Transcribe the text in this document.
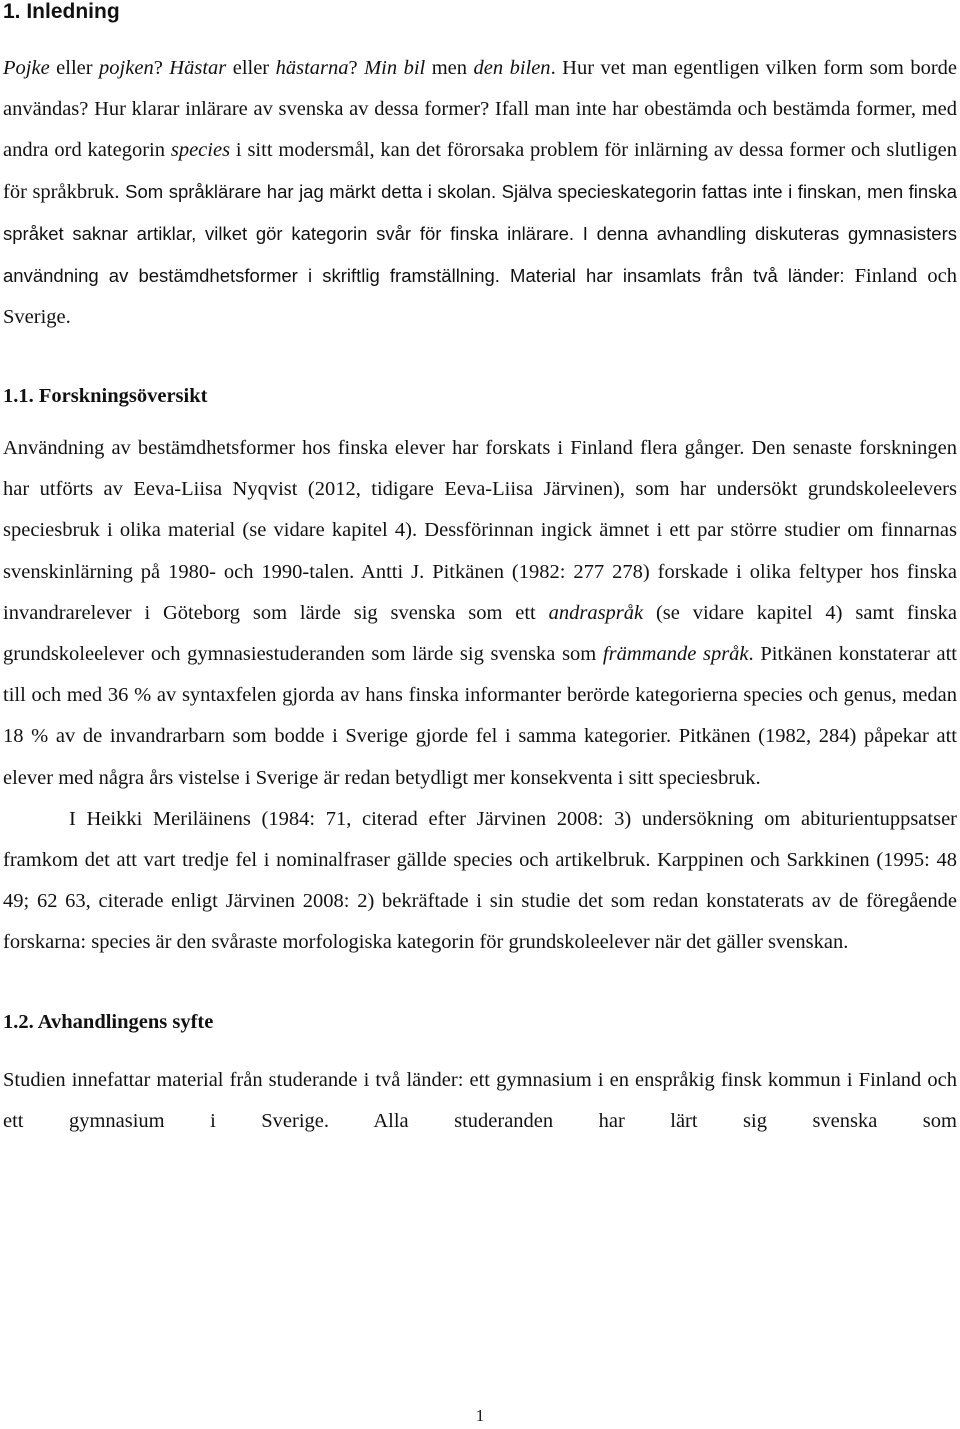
1. Inledning

Pojke eller pojken? Hästar eller hästarna? Min bil men den bilen. Hur vet man egentligen vilken form som borde användas? Hur klarar inlärare av svenska av dessa former? Ifall man inte har obestämda och bestämda former, med andra ord kategorin species i sitt modersmål, kan det förorsaka problem för inlärning av dessa former och slutligen för språkbruk. Som språklärare har jag märkt detta i skolan. Själva specieskategorin fattas inte i finskan, men finska språket saknar artiklar, vilket gör kategorin svår för finska inlärare. I denna avhandling diskuteras gymnasisters användning av bestämdhetsformer i skriftlig framställning. Material har insamlats från två länder: Finland och Sverige.

1.1. Forskningsöversikt

Användning av bestämdhetsformer hos finska elever har forskats i Finland flera gånger. Den senaste forskningen har utförts av Eeva-Liisa Nyqvist (2012, tidigare Eeva-Liisa Järvinen), som har undersökt grundskoleelevers speciesbruk i olika material (se vidare kapitel 4). Dessförinnan ingick ämnet i ett par större studier om finnarnas svenskinlärning på 1980- och 1990-talen. Antti J. Pitkänen (1982: 277 278) forskade i olika feltyper hos finska invandrarelever i Göteborg som lärde sig svenska som ett andraspråk (se vidare kapitel 4) samt finska grundskoleelever och gymnasiestuderanden som lärde sig svenska som främmande språk. Pitkänen konstaterar att till och med 36 % av syntaxfelen gjorda av hans finska informanter berörde kategorierna species och genus, medan 18 % av de invandrarbarn som bodde i Sverige gjorde fel i samma kategorier. Pitkänen (1982, 284) påpekar att elever med några års vistelse i Sverige är redan betydligt mer konsekventa i sitt speciesbruk.

I Heikki Meriläinens (1984: 71, citerad efter Järvinen 2008: 3) undersökning om abiturientuppsatser framkom det att vart tredje fel i nominalfraser gällde species och artikelbruk. Karppinen och Sarkkinen (1995: 48 49; 62 63, citerade enligt Järvinen 2008: 2) bekräftade i sin studie det som redan konstaterats av de föregående forskarna: species är den svåraste morfologiska kategorin för grundskoleelever när det gäller svenskan.

1.2. Avhandlingens syfte

Studien innefattar material från studerande i två länder: ett gymnasium i en enspråkig finsk kommun i Finland och ett gymnasium i Sverige. Alla studeranden har lärt sig svenska som

1
